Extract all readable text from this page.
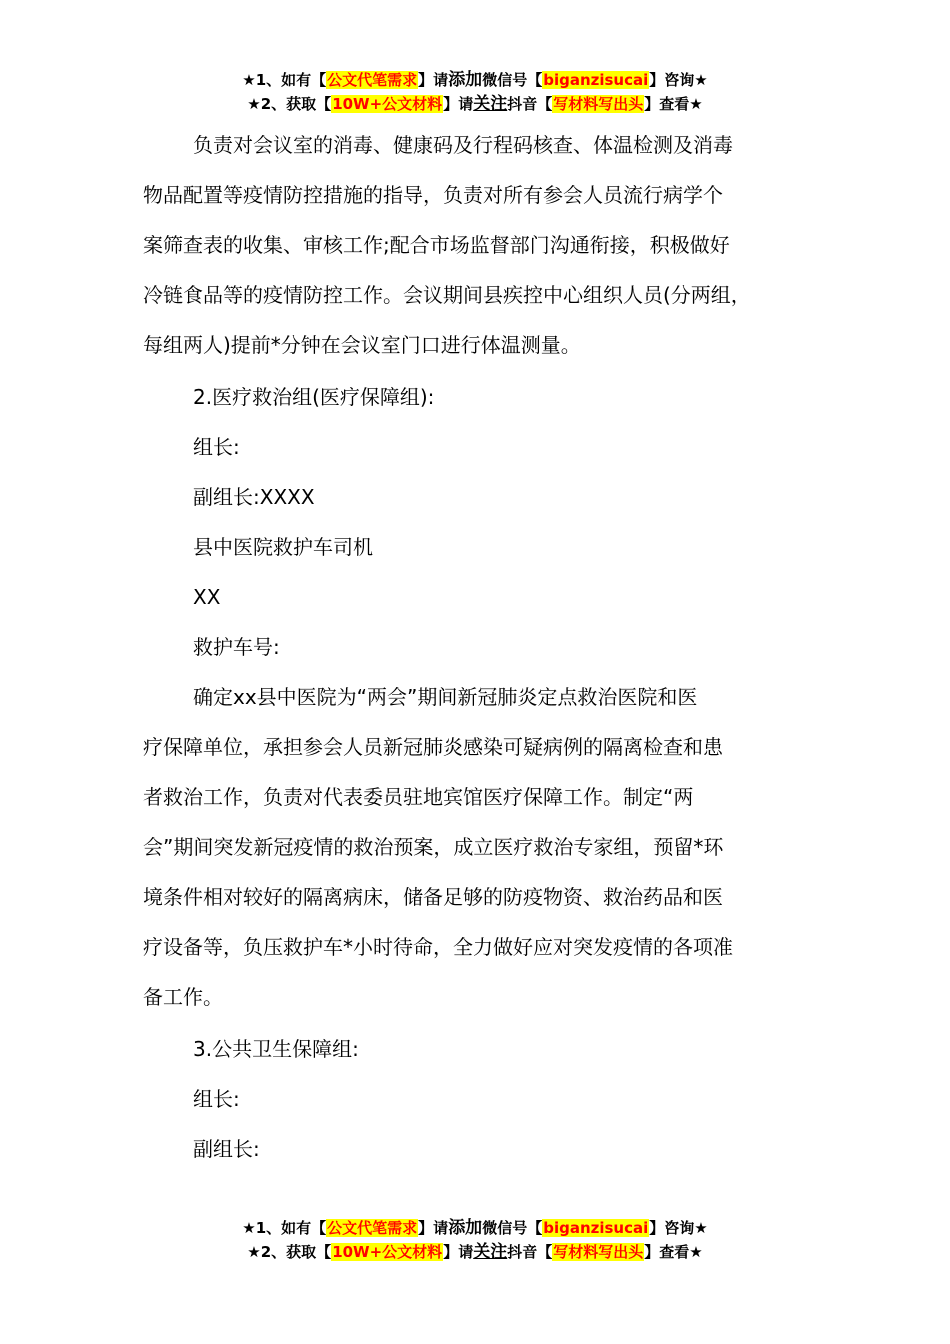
★1、如有【公文代笔需求】请添加微信号【biganzisucai】咨询★
★2、获取【10W+公文材料】请关注抖音【写材料写出头】查看★

负责对会议室的消毒、健康码及行程码核查、体温检测及消毒

物品配置等疫情防控措施的指导，负责对所有参会人员流行病学个

案筛查表的收集、审核工作;配合市场监督部门沟通衔接，积极做好

冷链食品等的疫情防控工作。会议期间县疾控中心组织人员(分两组，

每组两人)提前*分钟在会议室门口进行体温测量。

2.医疗救治组(医疗保障组):

组长:

副组长:XXXX

县中医院救护车司机

XX

救护车号:

确定xx县中医院为“两会”期间新冠肺炎定点救治医院和医

疗保障单位，承担参会人员新冠肺炎感染可疑病例的隔离检查和患

者救治工作，负责对代表委员驻地宾馆医疗保障工作。制定“两

会”期间突发新冠疫情的救治预案，成立医疗救治专家组，预留*环

境条件相对较好的隔离病床，储备足够的防疫物资、救治药品和医

疗设备等，负压救护车*小时待命，全力做好应对突发疫情的各项准

备工作。

3.公共卫生保障组:

组长:

副组长:

★1、如有【公文代笔需求】请添加微信号【biganzisucai】咨询★
★2、获取【10W+公文材料】请关注抖音【写材料写出头】查看★
